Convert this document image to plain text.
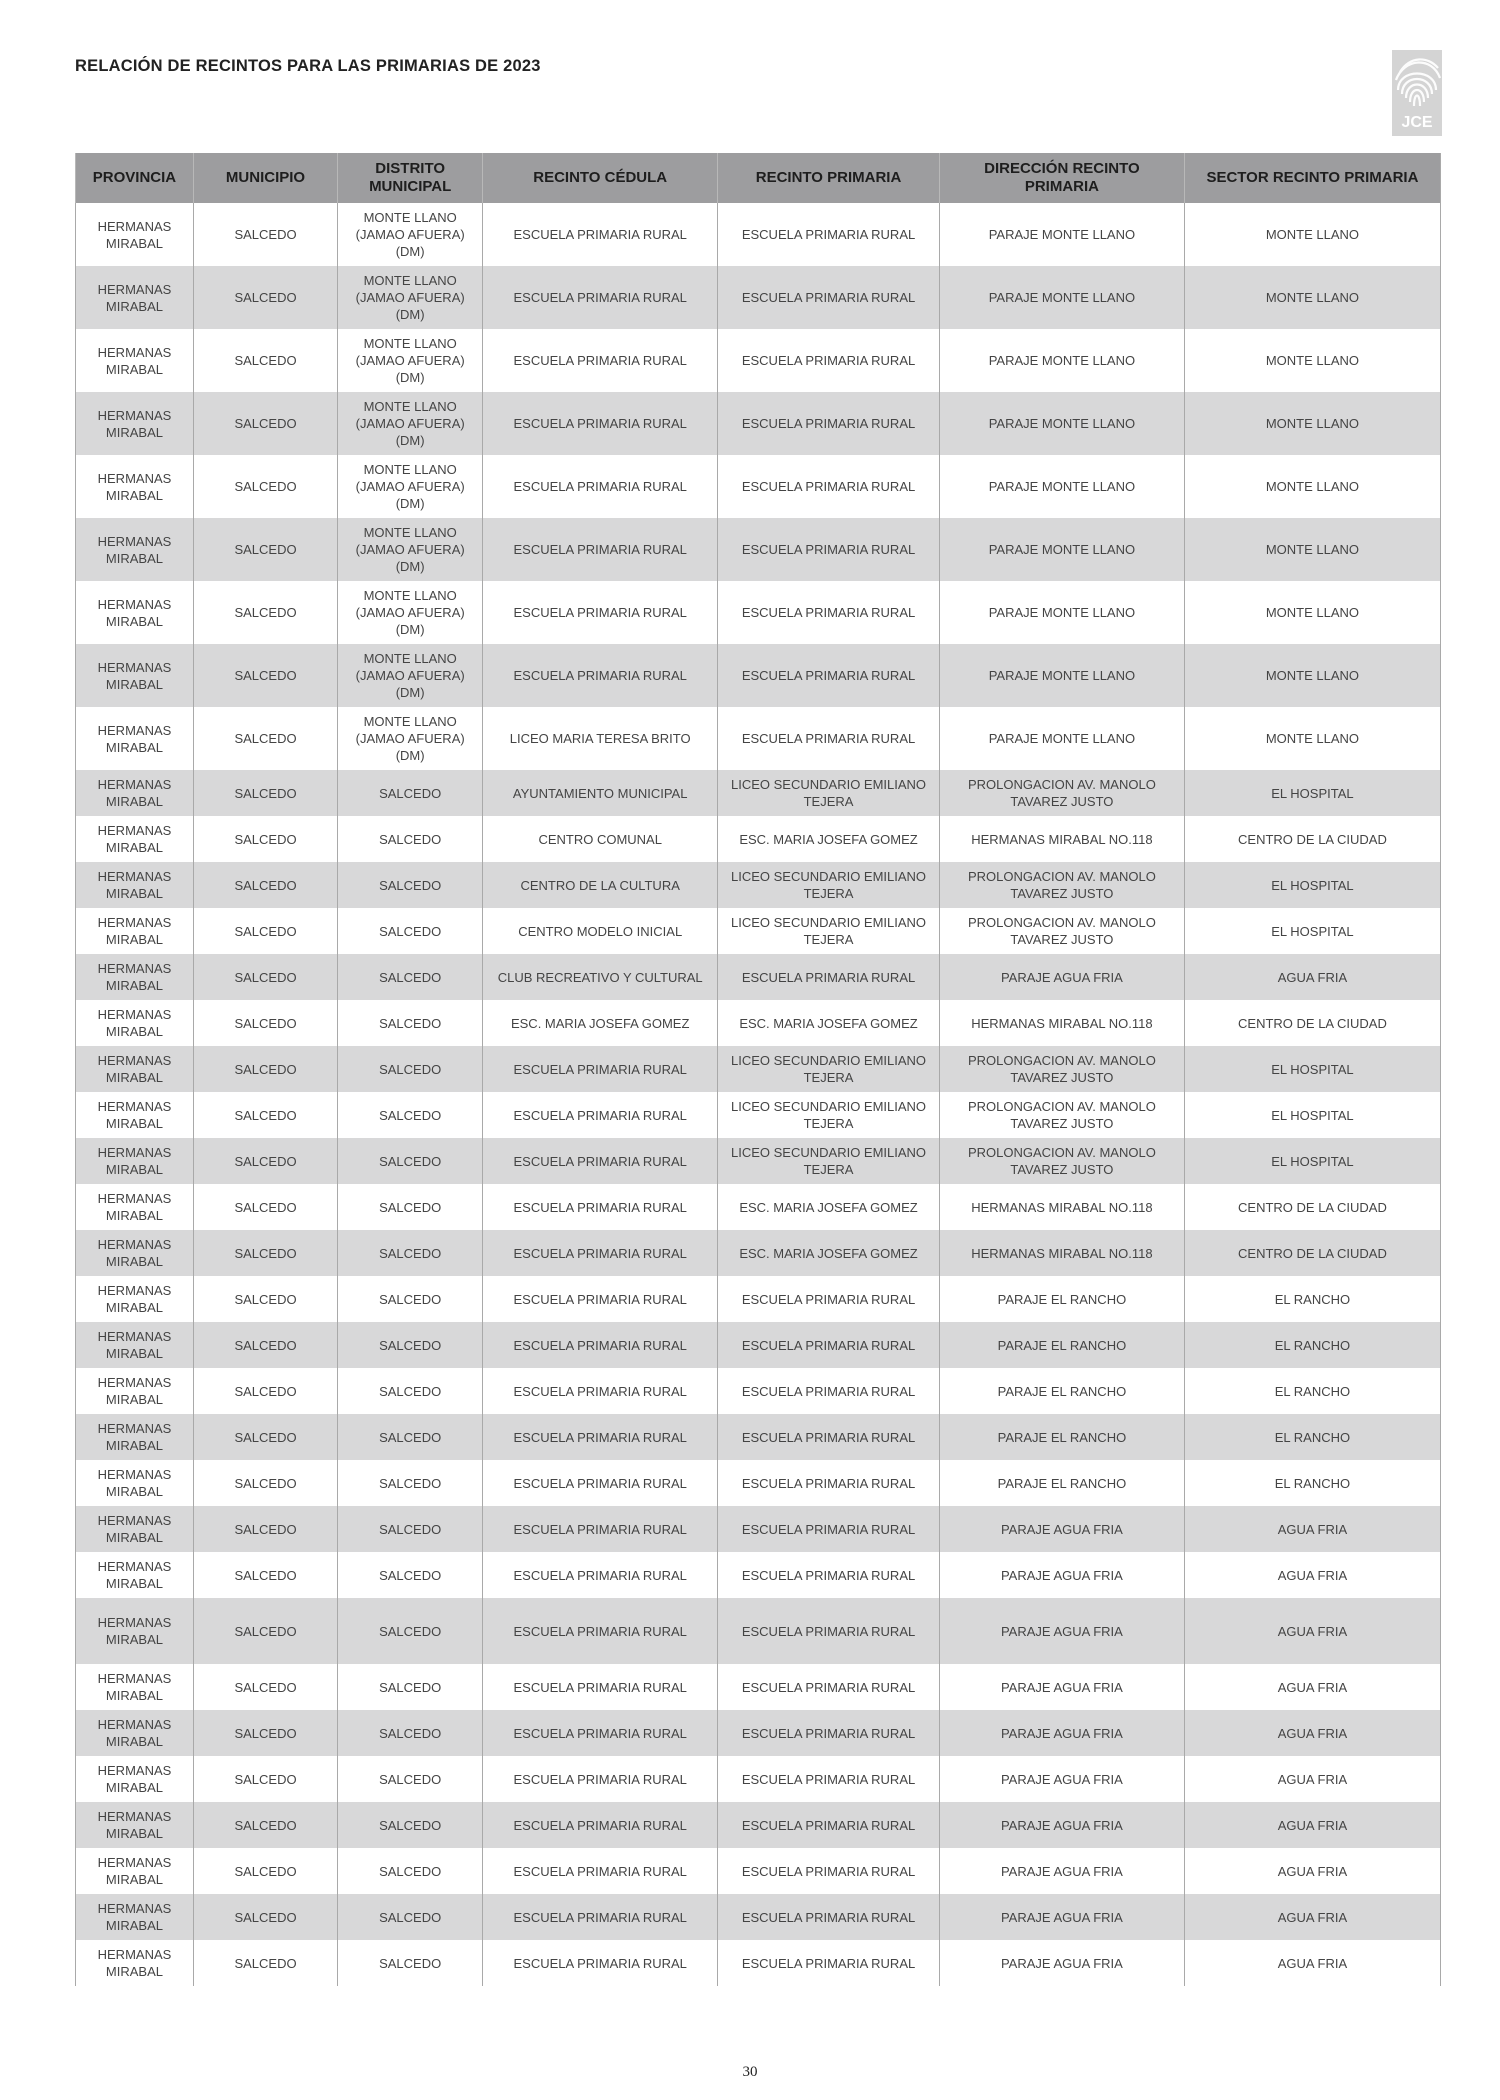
RELACIÓN DE RECINTOS PARA LAS PRIMARIAS DE 2023
JCE
PROVINCIA	MUNICIPIO	DISTRITO MUNICIPAL	RECINTO CÉDULA	RECINTO PRIMARIA	DIRECCIÓN RECINTO PRIMARIA	SECTOR RECINTO PRIMARIA
HERMANAS MIRABAL	SALCEDO	MONTE LLANO (JAMAO AFUERA) (DM)	ESCUELA PRIMARIA RURAL	ESCUELA PRIMARIA RURAL	PARAJE MONTE LLANO	MONTE LLANO
HERMANAS MIRABAL	SALCEDO	MONTE LLANO (JAMAO AFUERA) (DM)	ESCUELA PRIMARIA RURAL	ESCUELA PRIMARIA RURAL	PARAJE MONTE LLANO	MONTE LLANO
HERMANAS MIRABAL	SALCEDO	MONTE LLANO (JAMAO AFUERA) (DM)	ESCUELA PRIMARIA RURAL	ESCUELA PRIMARIA RURAL	PARAJE MONTE LLANO	MONTE LLANO
HERMANAS MIRABAL	SALCEDO	MONTE LLANO (JAMAO AFUERA) (DM)	ESCUELA PRIMARIA RURAL	ESCUELA PRIMARIA RURAL	PARAJE MONTE LLANO	MONTE LLANO
HERMANAS MIRABAL	SALCEDO	MONTE LLANO (JAMAO AFUERA) (DM)	ESCUELA PRIMARIA RURAL	ESCUELA PRIMARIA RURAL	PARAJE MONTE LLANO	MONTE LLANO
HERMANAS MIRABAL	SALCEDO	MONTE LLANO (JAMAO AFUERA) (DM)	ESCUELA PRIMARIA RURAL	ESCUELA PRIMARIA RURAL	PARAJE MONTE LLANO	MONTE LLANO
HERMANAS MIRABAL	SALCEDO	MONTE LLANO (JAMAO AFUERA) (DM)	ESCUELA PRIMARIA RURAL	ESCUELA PRIMARIA RURAL	PARAJE MONTE LLANO	MONTE LLANO
HERMANAS MIRABAL	SALCEDO	MONTE LLANO (JAMAO AFUERA) (DM)	ESCUELA PRIMARIA RURAL	ESCUELA PRIMARIA RURAL	PARAJE MONTE LLANO	MONTE LLANO
HERMANAS MIRABAL	SALCEDO	MONTE LLANO (JAMAO AFUERA) (DM)	LICEO MARIA TERESA BRITO	ESCUELA PRIMARIA RURAL	PARAJE MONTE LLANO	MONTE LLANO
HERMANAS MIRABAL	SALCEDO	SALCEDO	AYUNTAMIENTO MUNICIPAL	LICEO SECUNDARIO EMILIANO TEJERA	PROLONGACION AV. MANOLO TAVAREZ JUSTO	EL HOSPITAL
HERMANAS MIRABAL	SALCEDO	SALCEDO	CENTRO COMUNAL	ESC. MARIA JOSEFA GOMEZ	HERMANAS MIRABAL NO.118	CENTRO DE LA CIUDAD
HERMANAS MIRABAL	SALCEDO	SALCEDO	CENTRO DE LA CULTURA	LICEO SECUNDARIO EMILIANO TEJERA	PROLONGACION AV. MANOLO TAVAREZ JUSTO	EL HOSPITAL
HERMANAS MIRABAL	SALCEDO	SALCEDO	CENTRO MODELO INICIAL	LICEO SECUNDARIO EMILIANO TEJERA	PROLONGACION AV. MANOLO TAVAREZ JUSTO	EL HOSPITAL
HERMANAS MIRABAL	SALCEDO	SALCEDO	CLUB RECREATIVO Y CULTURAL	ESCUELA PRIMARIA RURAL	PARAJE AGUA FRIA	AGUA FRIA
HERMANAS MIRABAL	SALCEDO	SALCEDO	ESC. MARIA JOSEFA GOMEZ	ESC. MARIA JOSEFA GOMEZ	HERMANAS MIRABAL NO.118	CENTRO DE LA CIUDAD
HERMANAS MIRABAL	SALCEDO	SALCEDO	ESCUELA PRIMARIA RURAL	LICEO SECUNDARIO EMILIANO TEJERA	PROLONGACION AV. MANOLO TAVAREZ JUSTO	EL HOSPITAL
HERMANAS MIRABAL	SALCEDO	SALCEDO	ESCUELA PRIMARIA RURAL	LICEO SECUNDARIO EMILIANO TEJERA	PROLONGACION AV. MANOLO TAVAREZ JUSTO	EL HOSPITAL
HERMANAS MIRABAL	SALCEDO	SALCEDO	ESCUELA PRIMARIA RURAL	LICEO SECUNDARIO EMILIANO TEJERA	PROLONGACION AV. MANOLO TAVAREZ JUSTO	EL HOSPITAL
HERMANAS MIRABAL	SALCEDO	SALCEDO	ESCUELA PRIMARIA RURAL	ESC. MARIA JOSEFA GOMEZ	HERMANAS MIRABAL NO.118	CENTRO DE LA CIUDAD
HERMANAS MIRABAL	SALCEDO	SALCEDO	ESCUELA PRIMARIA RURAL	ESC. MARIA JOSEFA GOMEZ	HERMANAS MIRABAL NO.118	CENTRO DE LA CIUDAD
HERMANAS MIRABAL	SALCEDO	SALCEDO	ESCUELA PRIMARIA RURAL	ESCUELA PRIMARIA RURAL	PARAJE EL RANCHO	EL RANCHO
HERMANAS MIRABAL	SALCEDO	SALCEDO	ESCUELA PRIMARIA RURAL	ESCUELA PRIMARIA RURAL	PARAJE EL RANCHO	EL RANCHO
HERMANAS MIRABAL	SALCEDO	SALCEDO	ESCUELA PRIMARIA RURAL	ESCUELA PRIMARIA RURAL	PARAJE EL RANCHO	EL RANCHO
HERMANAS MIRABAL	SALCEDO	SALCEDO	ESCUELA PRIMARIA RURAL	ESCUELA PRIMARIA RURAL	PARAJE EL RANCHO	EL RANCHO
HERMANAS MIRABAL	SALCEDO	SALCEDO	ESCUELA PRIMARIA RURAL	ESCUELA PRIMARIA RURAL	PARAJE EL RANCHO	EL RANCHO
HERMANAS MIRABAL	SALCEDO	SALCEDO	ESCUELA PRIMARIA RURAL	ESCUELA PRIMARIA RURAL	PARAJE AGUA FRIA	AGUA FRIA
HERMANAS MIRABAL	SALCEDO	SALCEDO	ESCUELA PRIMARIA RURAL	ESCUELA PRIMARIA RURAL	PARAJE AGUA FRIA	AGUA FRIA
HERMANAS MIRABAL	SALCEDO	SALCEDO	ESCUELA PRIMARIA RURAL	ESCUELA PRIMARIA RURAL	PARAJE AGUA FRIA	AGUA FRIA
HERMANAS MIRABAL	SALCEDO	SALCEDO	ESCUELA PRIMARIA RURAL	ESCUELA PRIMARIA RURAL	PARAJE AGUA FRIA	AGUA FRIA
HERMANAS MIRABAL	SALCEDO	SALCEDO	ESCUELA PRIMARIA RURAL	ESCUELA PRIMARIA RURAL	PARAJE AGUA FRIA	AGUA FRIA
HERMANAS MIRABAL	SALCEDO	SALCEDO	ESCUELA PRIMARIA RURAL	ESCUELA PRIMARIA RURAL	PARAJE AGUA FRIA	AGUA FRIA
HERMANAS MIRABAL	SALCEDO	SALCEDO	ESCUELA PRIMARIA RURAL	ESCUELA PRIMARIA RURAL	PARAJE AGUA FRIA	AGUA FRIA
HERMANAS MIRABAL	SALCEDO	SALCEDO	ESCUELA PRIMARIA RURAL	ESCUELA PRIMARIA RURAL	PARAJE AGUA FRIA	AGUA FRIA
HERMANAS MIRABAL	SALCEDO	SALCEDO	ESCUELA PRIMARIA RURAL	ESCUELA PRIMARIA RURAL	PARAJE AGUA FRIA	AGUA FRIA
HERMANAS MIRABAL	SALCEDO	SALCEDO	ESCUELA PRIMARIA RURAL	ESCUELA PRIMARIA RURAL	PARAJE AGUA FRIA	AGUA FRIA
30
